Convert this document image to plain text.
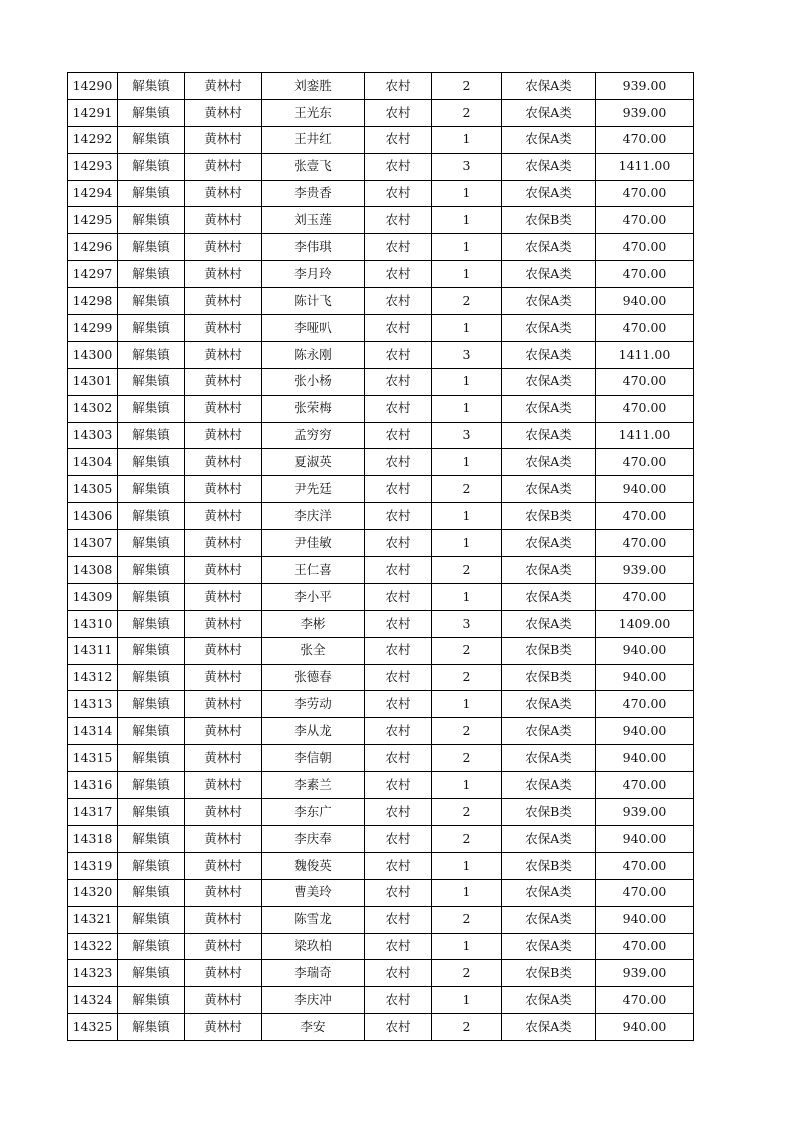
14290	解集镇	黄林村	刘銮胜	农村	2	农保A类	939.00
14291	解集镇	黄林村	王光东	农村	2	农保A类	939.00
14292	解集镇	黄林村	王井红	农村	1	农保A类	470.00
14293	解集镇	黄林村	张壹飞	农村	3	农保A类	1411.00
14294	解集镇	黄林村	李贵香	农村	1	农保A类	470.00
14295	解集镇	黄林村	刘玉莲	农村	1	农保B类	470.00
14296	解集镇	黄林村	李伟琪	农村	1	农保A类	470.00
14297	解集镇	黄林村	李月玲	农村	1	农保A类	470.00
14298	解集镇	黄林村	陈计飞	农村	2	农保A类	940.00
14299	解集镇	黄林村	李哑叭	农村	1	农保A类	470.00
14300	解集镇	黄林村	陈永刚	农村	3	农保A类	1411.00
14301	解集镇	黄林村	张小杨	农村	1	农保A类	470.00
14302	解集镇	黄林村	张荣梅	农村	1	农保A类	470.00
14303	解集镇	黄林村	孟穷穷	农村	3	农保A类	1411.00
14304	解集镇	黄林村	夏淑英	农村	1	农保A类	470.00
14305	解集镇	黄林村	尹先廷	农村	2	农保A类	940.00
14306	解集镇	黄林村	李庆洋	农村	1	农保B类	470.00
14307	解集镇	黄林村	尹佳敏	农村	1	农保A类	470.00
14308	解集镇	黄林村	王仁喜	农村	2	农保A类	939.00
14309	解集镇	黄林村	李小平	农村	1	农保A类	470.00
14310	解集镇	黄林村	李彬	农村	3	农保A类	1409.00
14311	解集镇	黄林村	张全	农村	2	农保B类	940.00
14312	解集镇	黄林村	张德春	农村	2	农保B类	940.00
14313	解集镇	黄林村	李劳动	农村	1	农保A类	470.00
14314	解集镇	黄林村	李从龙	农村	2	农保A类	940.00
14315	解集镇	黄林村	李信朝	农村	2	农保A类	940.00
14316	解集镇	黄林村	李素兰	农村	1	农保A类	470.00
14317	解集镇	黄林村	李东广	农村	2	农保B类	939.00
14318	解集镇	黄林村	李庆奉	农村	2	农保A类	940.00
14319	解集镇	黄林村	魏俊英	农村	1	农保B类	470.00
14320	解集镇	黄林村	曹美玲	农村	1	农保A类	470.00
14321	解集镇	黄林村	陈雪龙	农村	2	农保A类	940.00
14322	解集镇	黄林村	梁玖柏	农村	1	农保A类	470.00
14323	解集镇	黄林村	李瑞奇	农村	2	农保B类	939.00
14324	解集镇	黄林村	李庆冲	农村	1	农保A类	470.00
14325	解集镇	黄林村	李安	农村	2	农保A类	940.00
